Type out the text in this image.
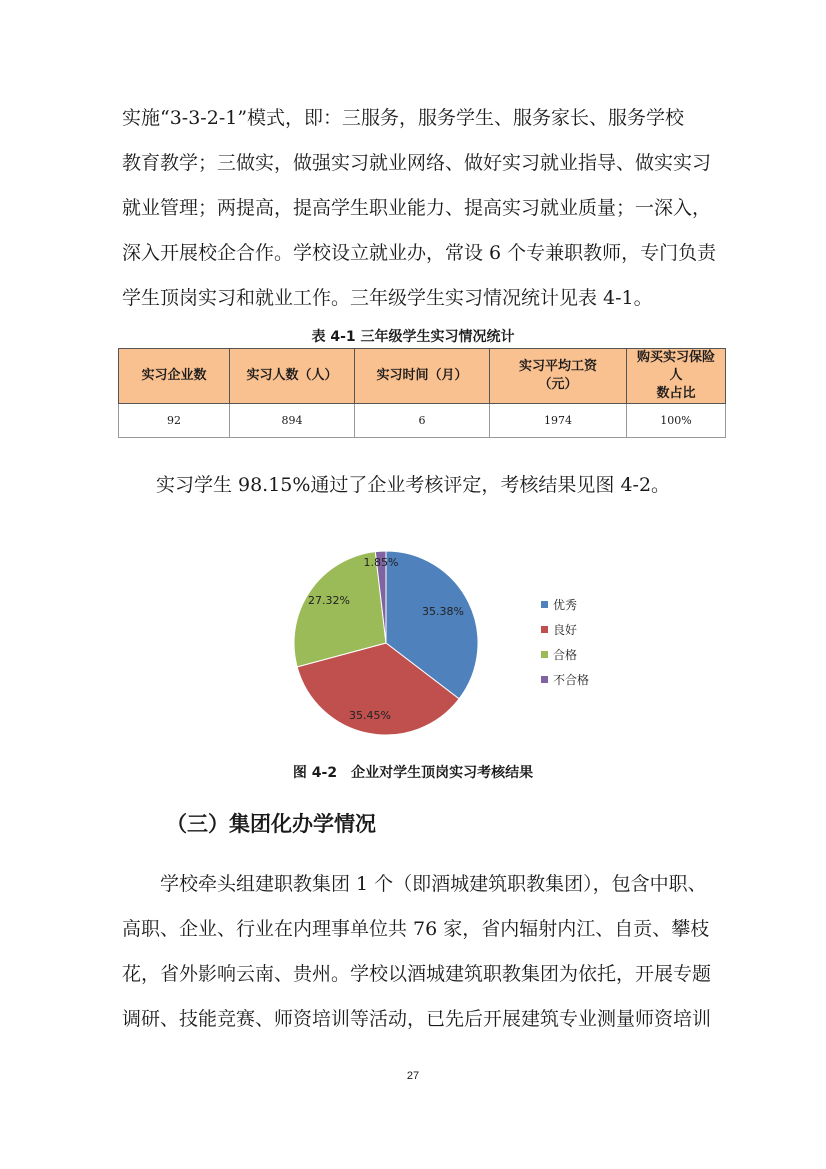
实施“3-3-2-1”模式，即：三服务，服务学生、服务家长、服务学校

教育教学；三做实，做强实习就业网络、做好实习就业指导、做实实习

就业管理；两提高，提高学生职业能力、提高实习就业质量；一深入，

深入开展校企合作。学校设立就业办，常设 6 个专兼职教师，专门负责

学生顶岗实习和就业工作。三年级学生实习情况统计见表 4-1。

表 4-1 三年级学生实习情况统计
实习企业数	实习人数（人）	实习时间（月）	实习平均工资
（元）	购买实习保险人
数占比
92	894	6	1974	100%
实习学生 98.15%通过了企业考核评定，考核结果见图 4-2。
35.38%
35.45%
27.32%
1.85%
优秀
良好
合格
不合格
图 4-2　企业对学生顶岗实习考核结果
（三）集团化办学情况

学校牵头组建职教集团 1 个（即酒城建筑职教集团），包含中职、

高职、企业、行业在内理事单位共 76 家，省内辐射内江、自贡、攀枝

花，省外影响云南、贵州。学校以酒城建筑职教集团为依托，开展专题

调研、技能竞赛、师资培训等活动，已先后开展建筑专业测量师资培训

27
